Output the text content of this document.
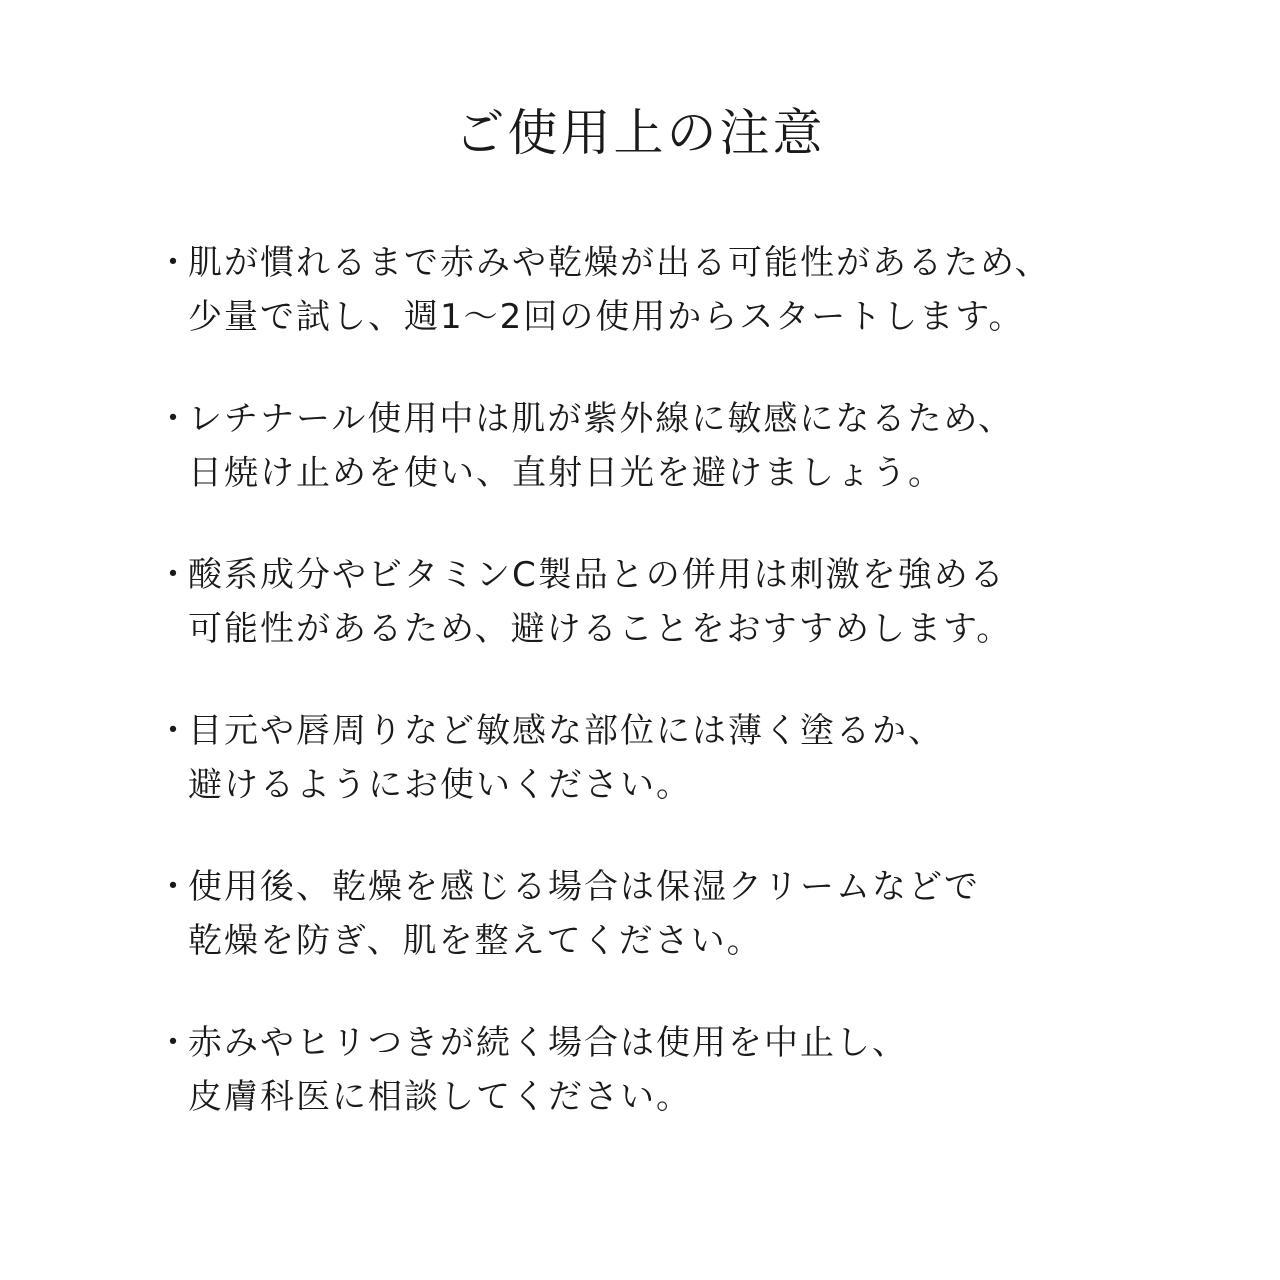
ご使用上の注意
・
肌が慣れるまで赤みや乾燥が出る可能性があるため、
少量で試し、週1〜2回の使用からスタートします。
・
レチナール使用中は肌が紫外線に敏感になるため、
日焼け止めを使い、直射日光を避けましょう。
・
酸系成分やビタミンC製品との併用は刺激を強める
可能性があるため、避けることをおすすめします。
・
目元や唇周りなど敏感な部位には薄く塗るか、
避けるようにお使いください。
・
使用後、乾燥を感じる場合は保湿クリームなどで
乾燥を防ぎ、肌を整えてください。
・
赤みやヒリつきが続く場合は使用を中止し、
皮膚科医に相談してください。
